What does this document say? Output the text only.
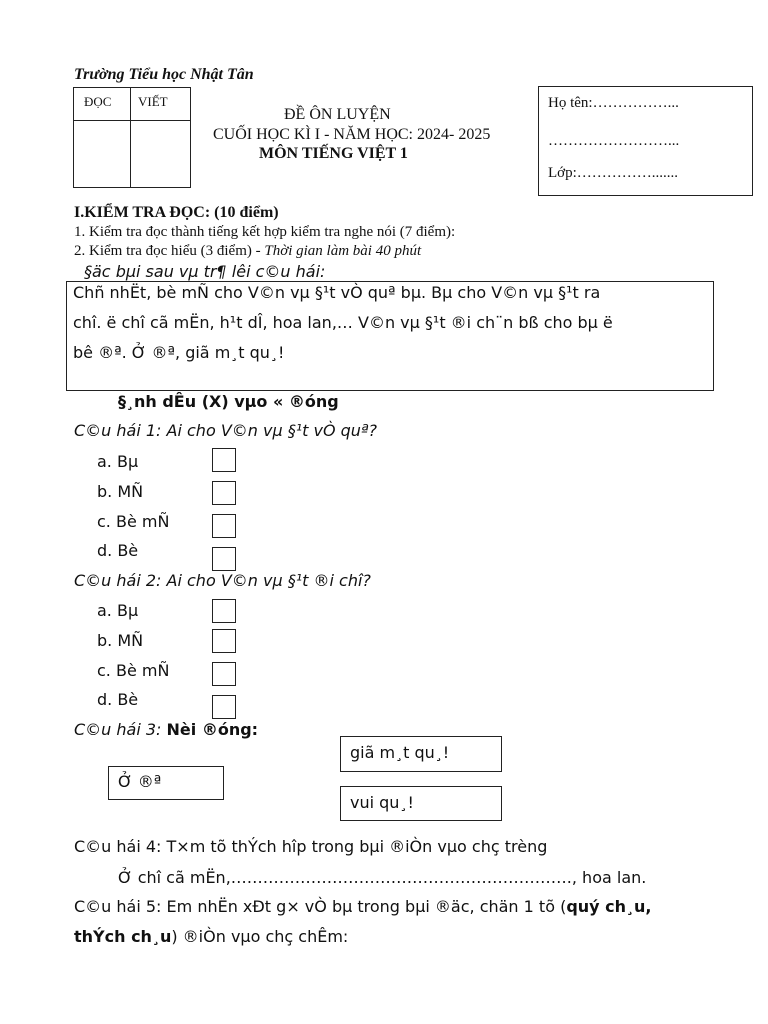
Trường Tiểu học Nhật Tân
ĐỌC VIẾT
ĐỀ ÔN LUYỆN
CUỐI HỌC KÌ I - NĂM HỌC: 2024- 2025
MÔN TIẾNG VIỆT 1
Họ tên:……………...
……………………...
Lớp:…………….......
I.KIỂM TRA ĐỌC: (10 điểm)
1. Kiểm tra đọc thành tiếng kết hợp kiểm tra nghe nói (7 điểm):
2. Kiểm tra đọc hiểu (3 điểm) - Thời gian làm bài 40 phút
§äc bµi sau vµ tr¶ lêi c©u hái:
Chñ nhËt, bè mÑ cho V©n vµ §¹t vÒ quª bµ. Bµ cho V©n vµ §¹t ra
chî. ë chî cã mËn, h¹t dÎ, hoa lan,… V©n vµ §¹t ®i ch¨n bß cho bµ ë
bê ®ª. Ở ®ª, giã m¸t qu¸!
§¸nh dÊu (X) vµo « ®óng
C©u hái 1: Ai cho V©n vµ §¹t vÒ quª?
a. Bµ
b. MÑ
c. Bè mÑ
d. Bè
C©u hái 2: Ai cho V©n vµ §¹t ®i chî?
a. Bµ
b. MÑ
c. Bè mÑ
d. Bè
C©u hái 3: Nèi ®óng:
giã m¸t qu¸!
Ở ®ª
vui qu¸!
C©u hái 4: T×m tõ thÝch hîp trong bµi ®iÒn vµo chç trèng
Ở chî cã mËn,………………………………………………………., hoa lan.
C©u hái 5: Em nhËn xÐt g× vÒ bµ trong bµi ®äc, chän 1 tõ (quý ch¸u,
thÝch ch¸u) ®iÒn vµo chç chÊm:
